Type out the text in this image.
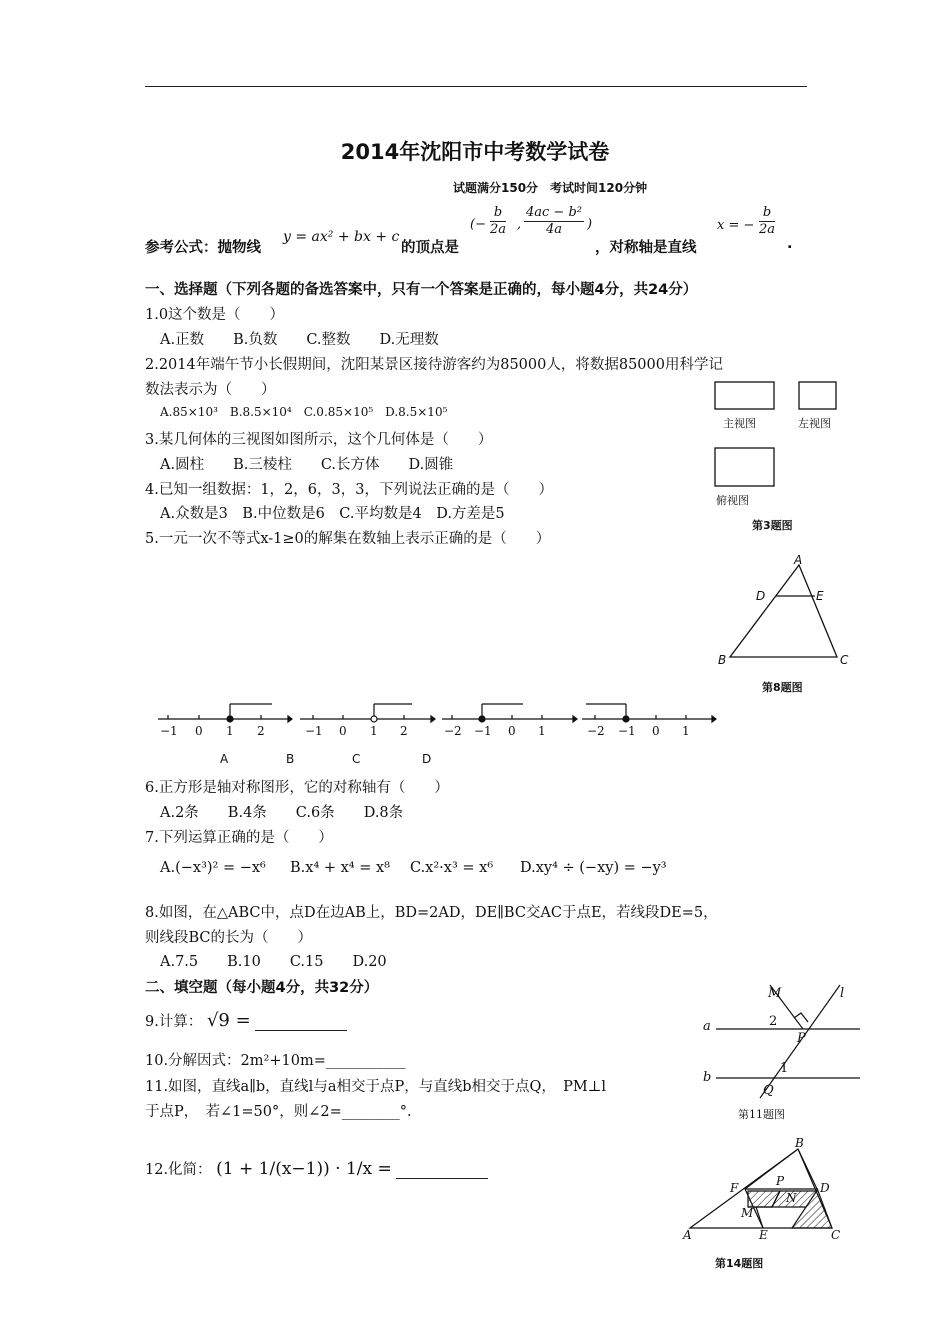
2014年沈阳市中考数学试卷
试题满分150分　考试时间120分钟
参考公式：抛物线
y = ax² + bx + c
的顶点是
(− $\frac{b}{2a}$ , $\frac{\text{4ac − b²}}{4a}$ )
，对称轴是直线
x = − $\frac{b}{2a}$
.
一、选择题（下列各题的备选答案中，只有一个答案是正确的，每小题4分，共24分）
1.0这个数是（　　）
A.正数　　B.负数　　C.整数　　D.无理数
2.2014年端午节小长假期间，沈阳某景区接待游客约为85000人，将数据85000用科学记
数法表示为（　　）
A.85×10³　B.8.5×10⁴　C.0.85×10⁵　D.8.5×10⁵
3.某几何体的三视图如图所示，这个几何体是（　　）
A.圆柱　　B.三棱柱　　C.长方体　　D.圆锥
4.已知一组数据：1，2，6，3，3，下列说法正确的是（　　）
A.众数是3　B.中位数是6　C.平均数是4　D.方差是5
5.一元一次不等式x-1≥0的解集在数轴上表示正确的是（　　）
−1 0 1 2	−1 0 1 2	−2 −1 0 1	−2 −1 0 1
A	B	C	D
6.正方形是轴对称图形，它的对称轴有（　　）
A.2条　　B.4条　　C.6条　　D.8条
7.下列运算正确的是（　　）
A.(−x³)² = −x⁶ B.x⁴ + x⁴ = x⁸ C.x²·x³ = x⁶ D.xy⁴ ÷ (−xy) = −y³
8.如图，在△ABC中，点D在边AB上，BD=2AD，DE∥BC交AC于点E，若线段DE=5，
则线段BC的长为（　　）
A.7.5　　B.10　　C.15　　D.20
二、填空题（每小题4分，共32分）
9.计算： √9 =
10.分解因式：2m²+10m=___________
11.如图，直线a∥b，直线l与a相交于点P，与直线b相交于点Q，　PM⊥l
于点P，　若∠1=50°，则∠2=________°.
12.化简： (1 + 1/(x−1)) · 1/x =
主视图	左视图
俯视图
第3题图
A
D	E
B	C
第8题图
M	l
a	2
P
b
1
Q
第11题图
B
F	P	D
N
M
A	E	C
第14题图
